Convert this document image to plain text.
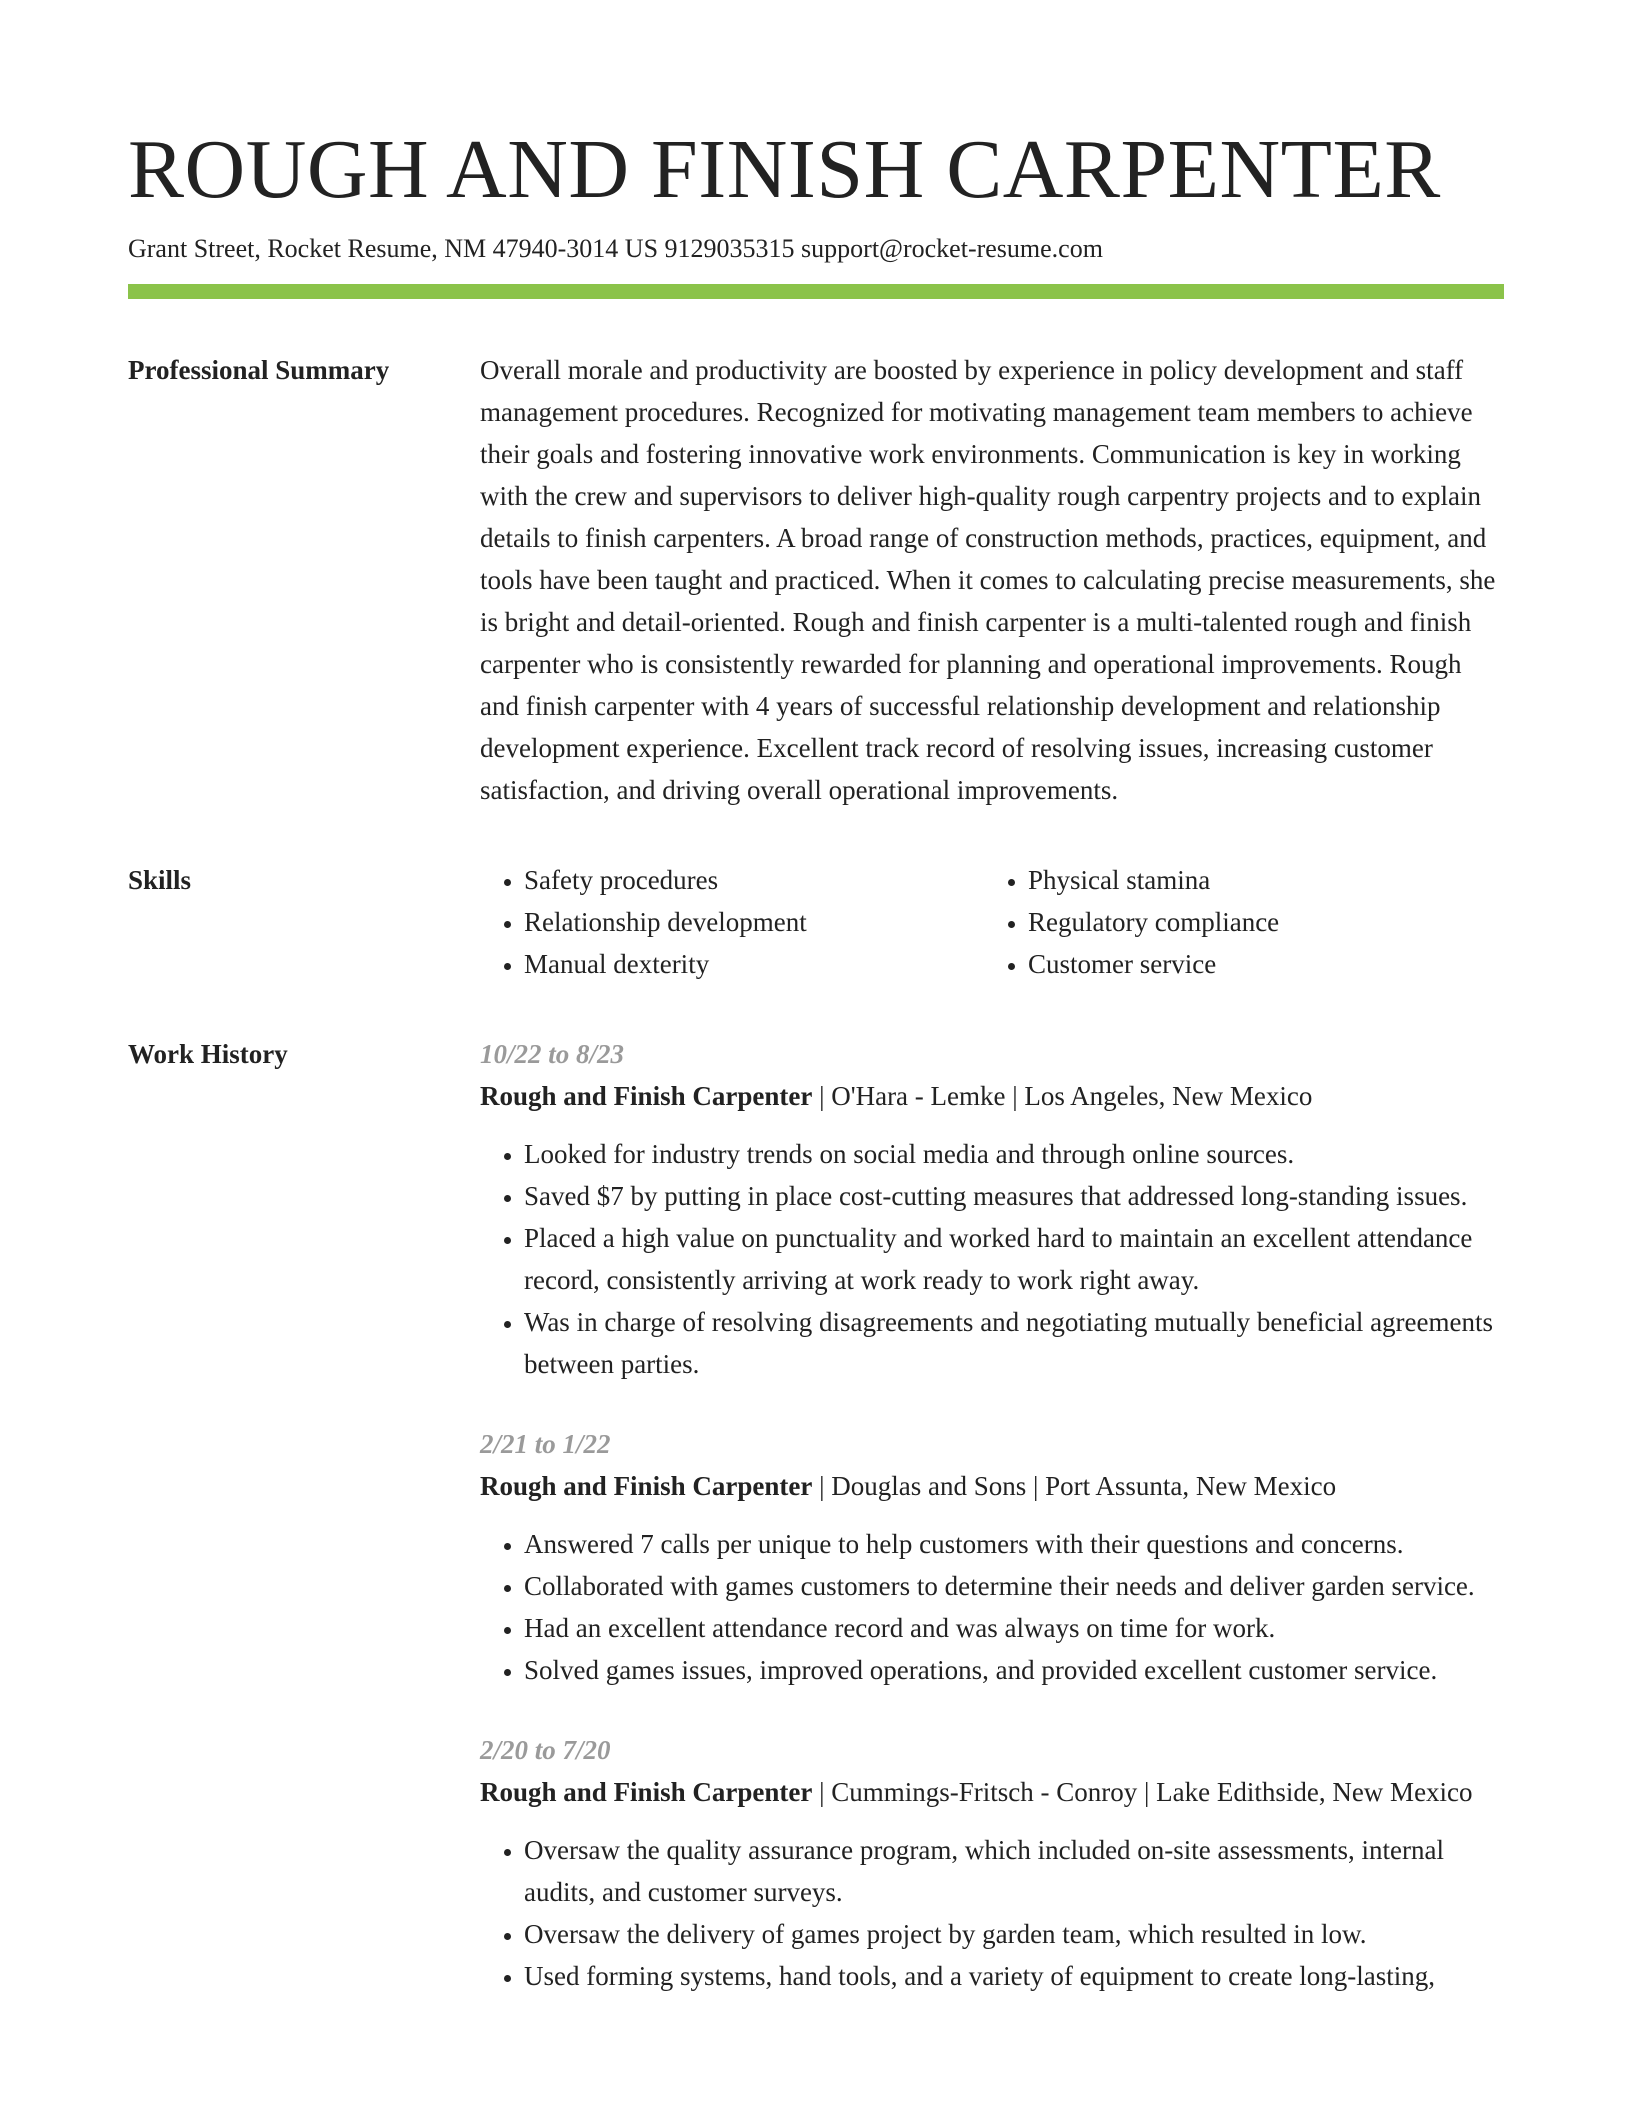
ROUGH AND FINISH CARPENTER
Grant Street, Rocket Resume, NM 47940-3014 US 9129035315 support@rocket-resume.com
Professional Summary	Overall morale and productivity are boosted by experience in policy development and staff management procedures. Recognized for motivating management team members to achieve their goals and fostering innovative work environments. Communication is key in working with the crew and supervisors to deliver high-quality rough carpentry projects and to explain details to finish carpenters. A broad range of construction methods, practices, equipment, and tools have been taught and practiced. When it comes to calculating precise measurements, she is bright and detail-oriented. Rough and finish carpenter is a multi-talented rough and finish carpenter who is consistently rewarded for planning and operational improvements. Rough and finish carpenter with 4 years of successful relationship development and relationship development experience. Excellent track record of resolving issues, increasing customer satisfaction, and driving overall operational improvements.

Skills
•	Safety procedures
• Relationship development
• Manual dexterity
• Physical stamina
• Regulatory compliance
• Customer service
Work History	10/22 to 8/23
Rough and Finish Carpenter | O'Hara - Lemke | Los Angeles, New Mexico
• Looked for industry trends on social media and through online sources.
• Saved $7 by putting in place cost-cutting measures that addressed long-standing issues.
• Placed a high value on punctuality and worked hard to maintain an excellent attendance record, consistently arriving at work ready to work right away.
• Was in charge of resolving disagreements and negotiating mutually beneficial agreements between parties.
2/21 to 1/22
Rough and Finish Carpenter | Douglas and Sons | Port Assunta, New Mexico
• Answered 7 calls per unique to help customers with their questions and concerns.
• Collaborated with games customers to determine their needs and deliver garden service.
• Had an excellent attendance record and was always on time for work.
• Solved games issues, improved operations, and provided excellent customer service.
2/20 to 7/20
Rough and Finish Carpenter | Cummings-Fritsch - Conroy | Lake Edithside, New Mexico
• Oversaw the quality assurance program, which included on-site assessments, internal audits, and customer surveys.
• Oversaw the delivery of games project by garden team, which resulted in low.
• Used forming systems, hand tools, and a variety of equipment to create long-lasting,
